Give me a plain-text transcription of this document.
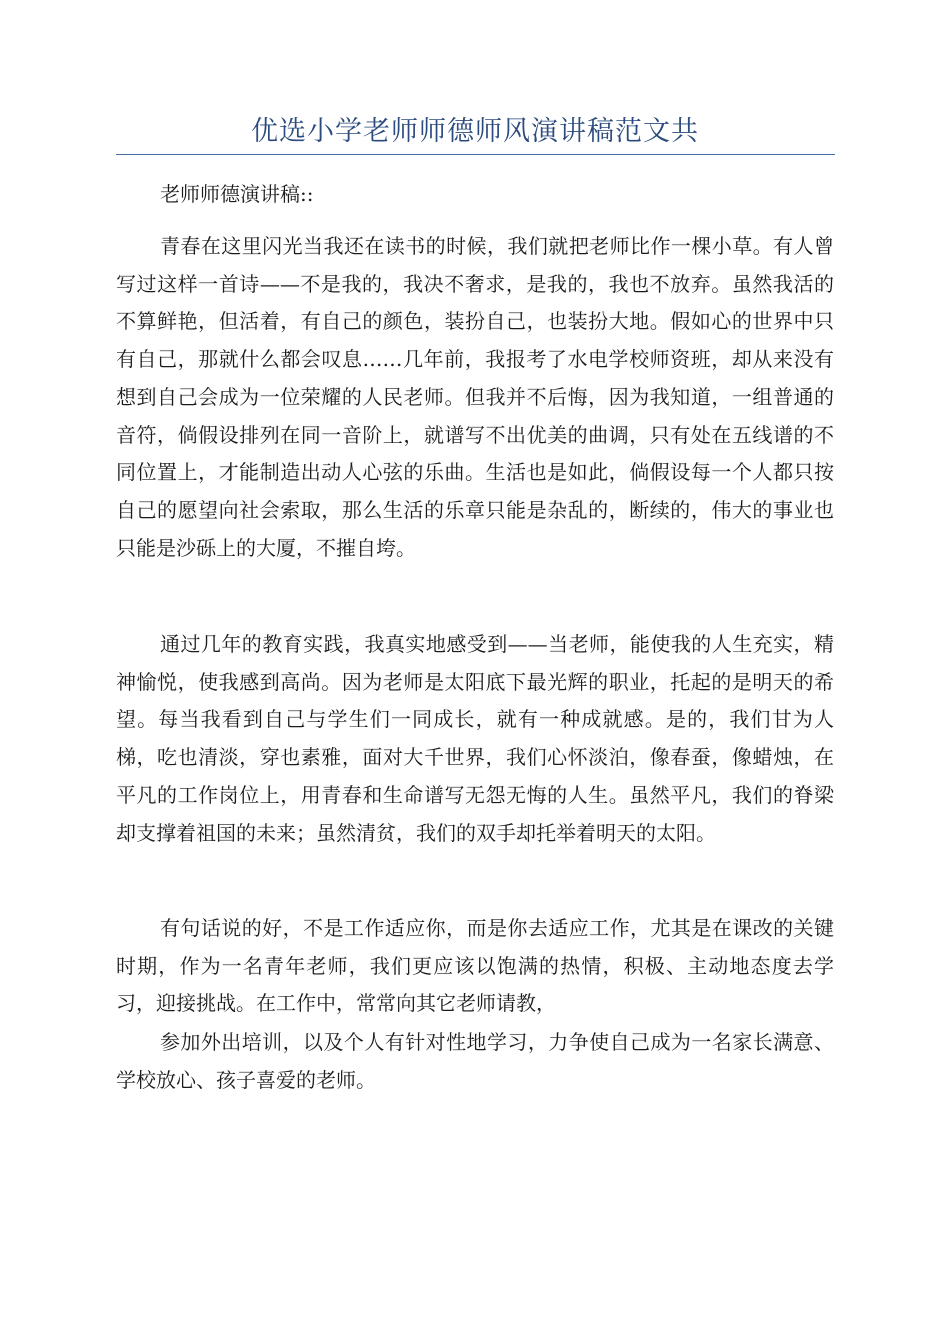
优选小学老师师德师风演讲稿范文共

老师师德演讲稿::

青春在这里闪光当我还在读书的时候，我们就把老师比作一棵小草。有人曾写过这样一首诗——不是我的，我决不奢求，是我的，我也不放弃。虽然我活的不算鲜艳，但活着，有自己的颜色，装扮自己，也装扮大地。假如心的世界中只有自己，那就什么都会叹息……几年前，我报考了水电学校师资班，却从来没有想到自己会成为一位荣耀的人民老师。但我并不后悔，因为我知道，一组普通的音符，倘假设排列在同一音阶上，就谱写不出优美的曲调，只有处在五线谱的不同位置上，才能制造出动人心弦的乐曲。生活也是如此，倘假设每一个人都只按自己的愿望向社会索取，那么生活的乐章只能是杂乱的，断续的，伟大的事业也只能是沙砾上的大厦，不摧自垮。

通过几年的教育实践，我真实地感受到——当老师，能使我的人生充实，精神愉悦，使我感到高尚。因为老师是太阳底下最光辉的职业，托起的是明天的希望。每当我看到自己与学生们一同成长，就有一种成就感。是的，我们甘为人梯，吃也清淡，穿也素雅，面对大千世界，我们心怀淡泊，像春蚕，像蜡烛，在平凡的工作岗位上，用青春和生命谱写无怨无悔的人生。虽然平凡，我们的脊梁却支撑着祖国的未来；虽然清贫，我们的双手却托举着明天的太阳。

有句话说的好，不是工作适应你，而是你去适应工作，尤其是在课改的关键时期，作为一名青年老师，我们更应该以饱满的热情，积极、主动地态度去学习，迎接挑战。在工作中，常常向其它老师请教，

参加外出培训，以及个人有针对性地学习，力争使自己成为一名家长满意、学校放心、孩子喜爱的老师。
